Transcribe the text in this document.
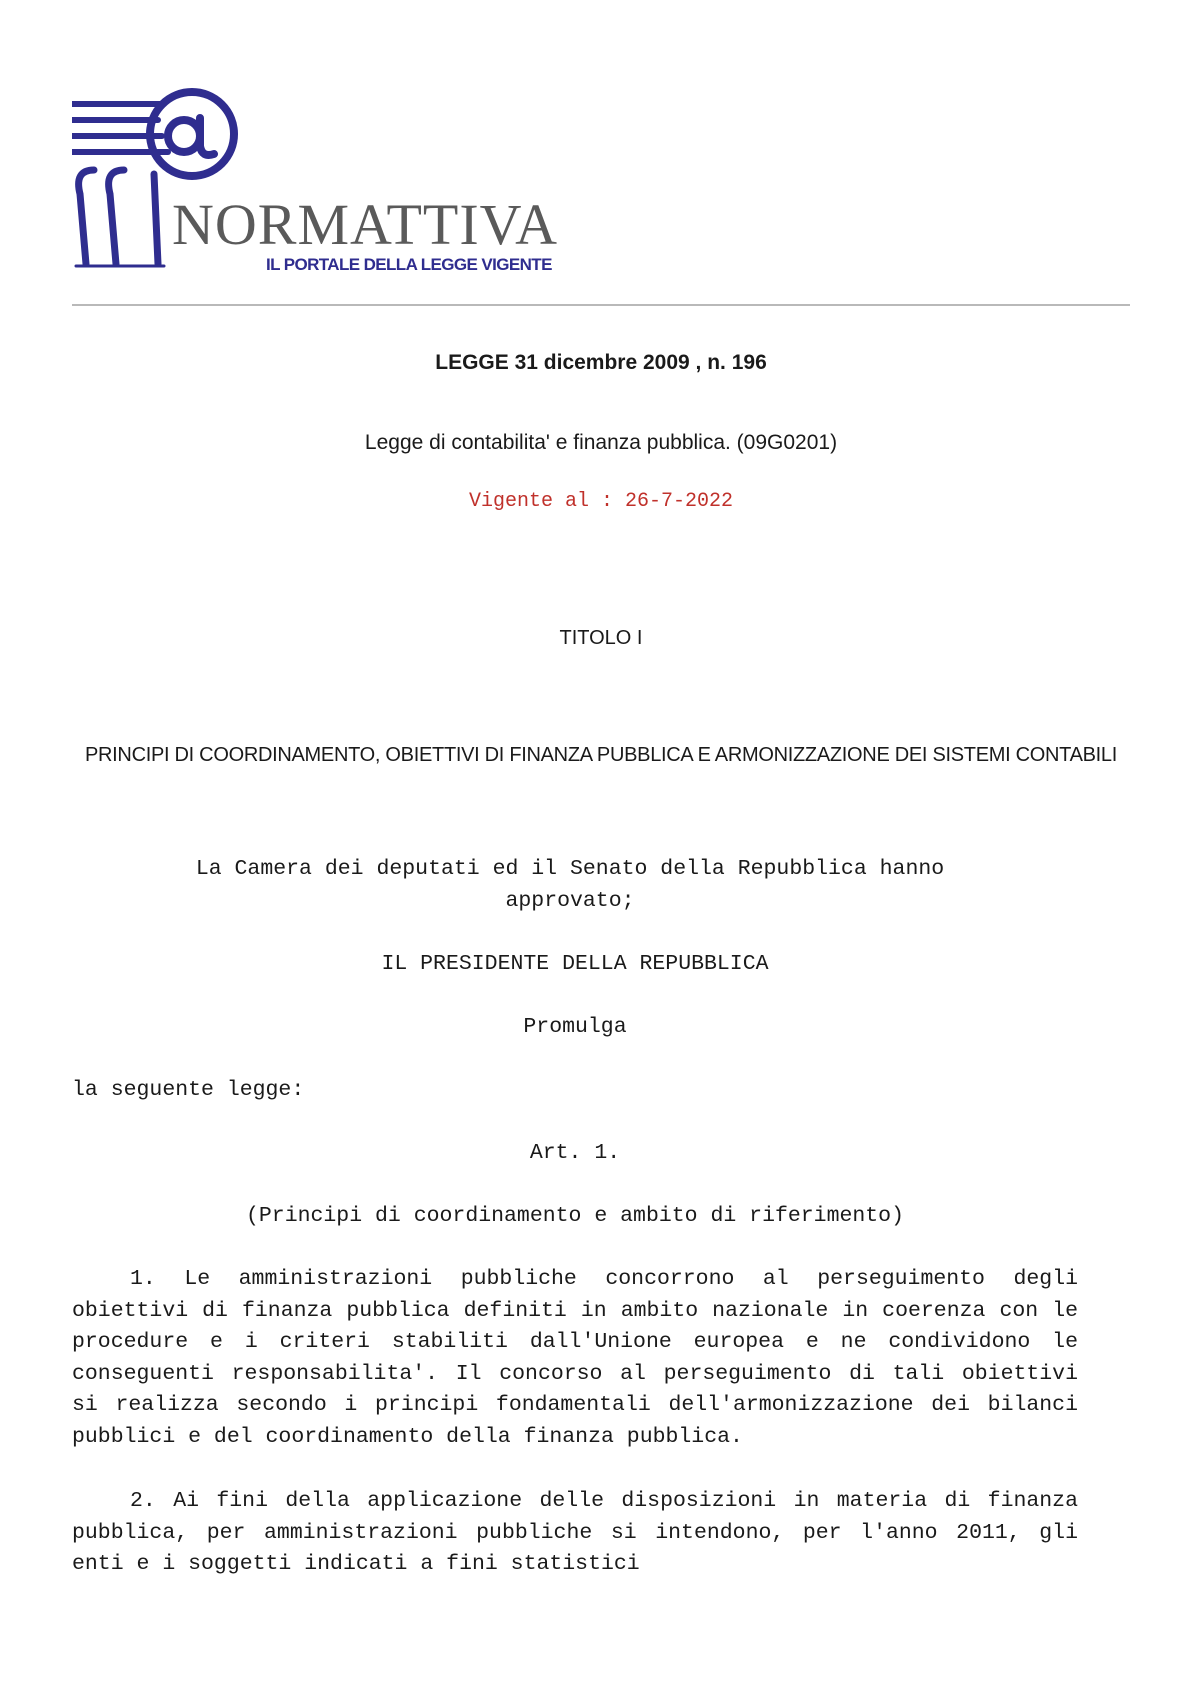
NORMATTIVA
IL PORTALE DELLA LEGGE VIGENTE
LEGGE 31 dicembre 2009 , n. 196
Legge di contabilita' e finanza pubblica. (09G0201)
Vigente al : 26-7-2022
TITOLO I
PRINCIPI DI COORDINAMENTO, OBIETTIVI DI FINANZA PUBBLICA E ARMONIZZAZIONE DEI SISTEMI CONTABILI
La Camera dei deputati ed il Senato della Repubblica hanno approvato;
IL PRESIDENTE DELLA REPUBBLICA
Promulga
la seguente legge:
Art. 1.
(Principi di coordinamento e ambito di riferimento)
1. Le amministrazioni pubbliche concorrono al perseguimento degli obiettivi di finanza pubblica definiti in ambito nazionale in coerenza con le procedure e i criteri stabiliti dall'Unione europea e ne condividono le conseguenti responsabilita'. Il concorso al perseguimento di tali obiettivi si realizza secondo i principi fondamentali dell'armonizzazione dei bilanci pubblici e del coordinamento della finanza pubblica.
2. Ai fini della applicazione delle disposizioni in materia di finanza pubblica, per amministrazioni pubbliche si intendono, per l'anno 2011, gli enti e i soggetti indicati a fini statistici
